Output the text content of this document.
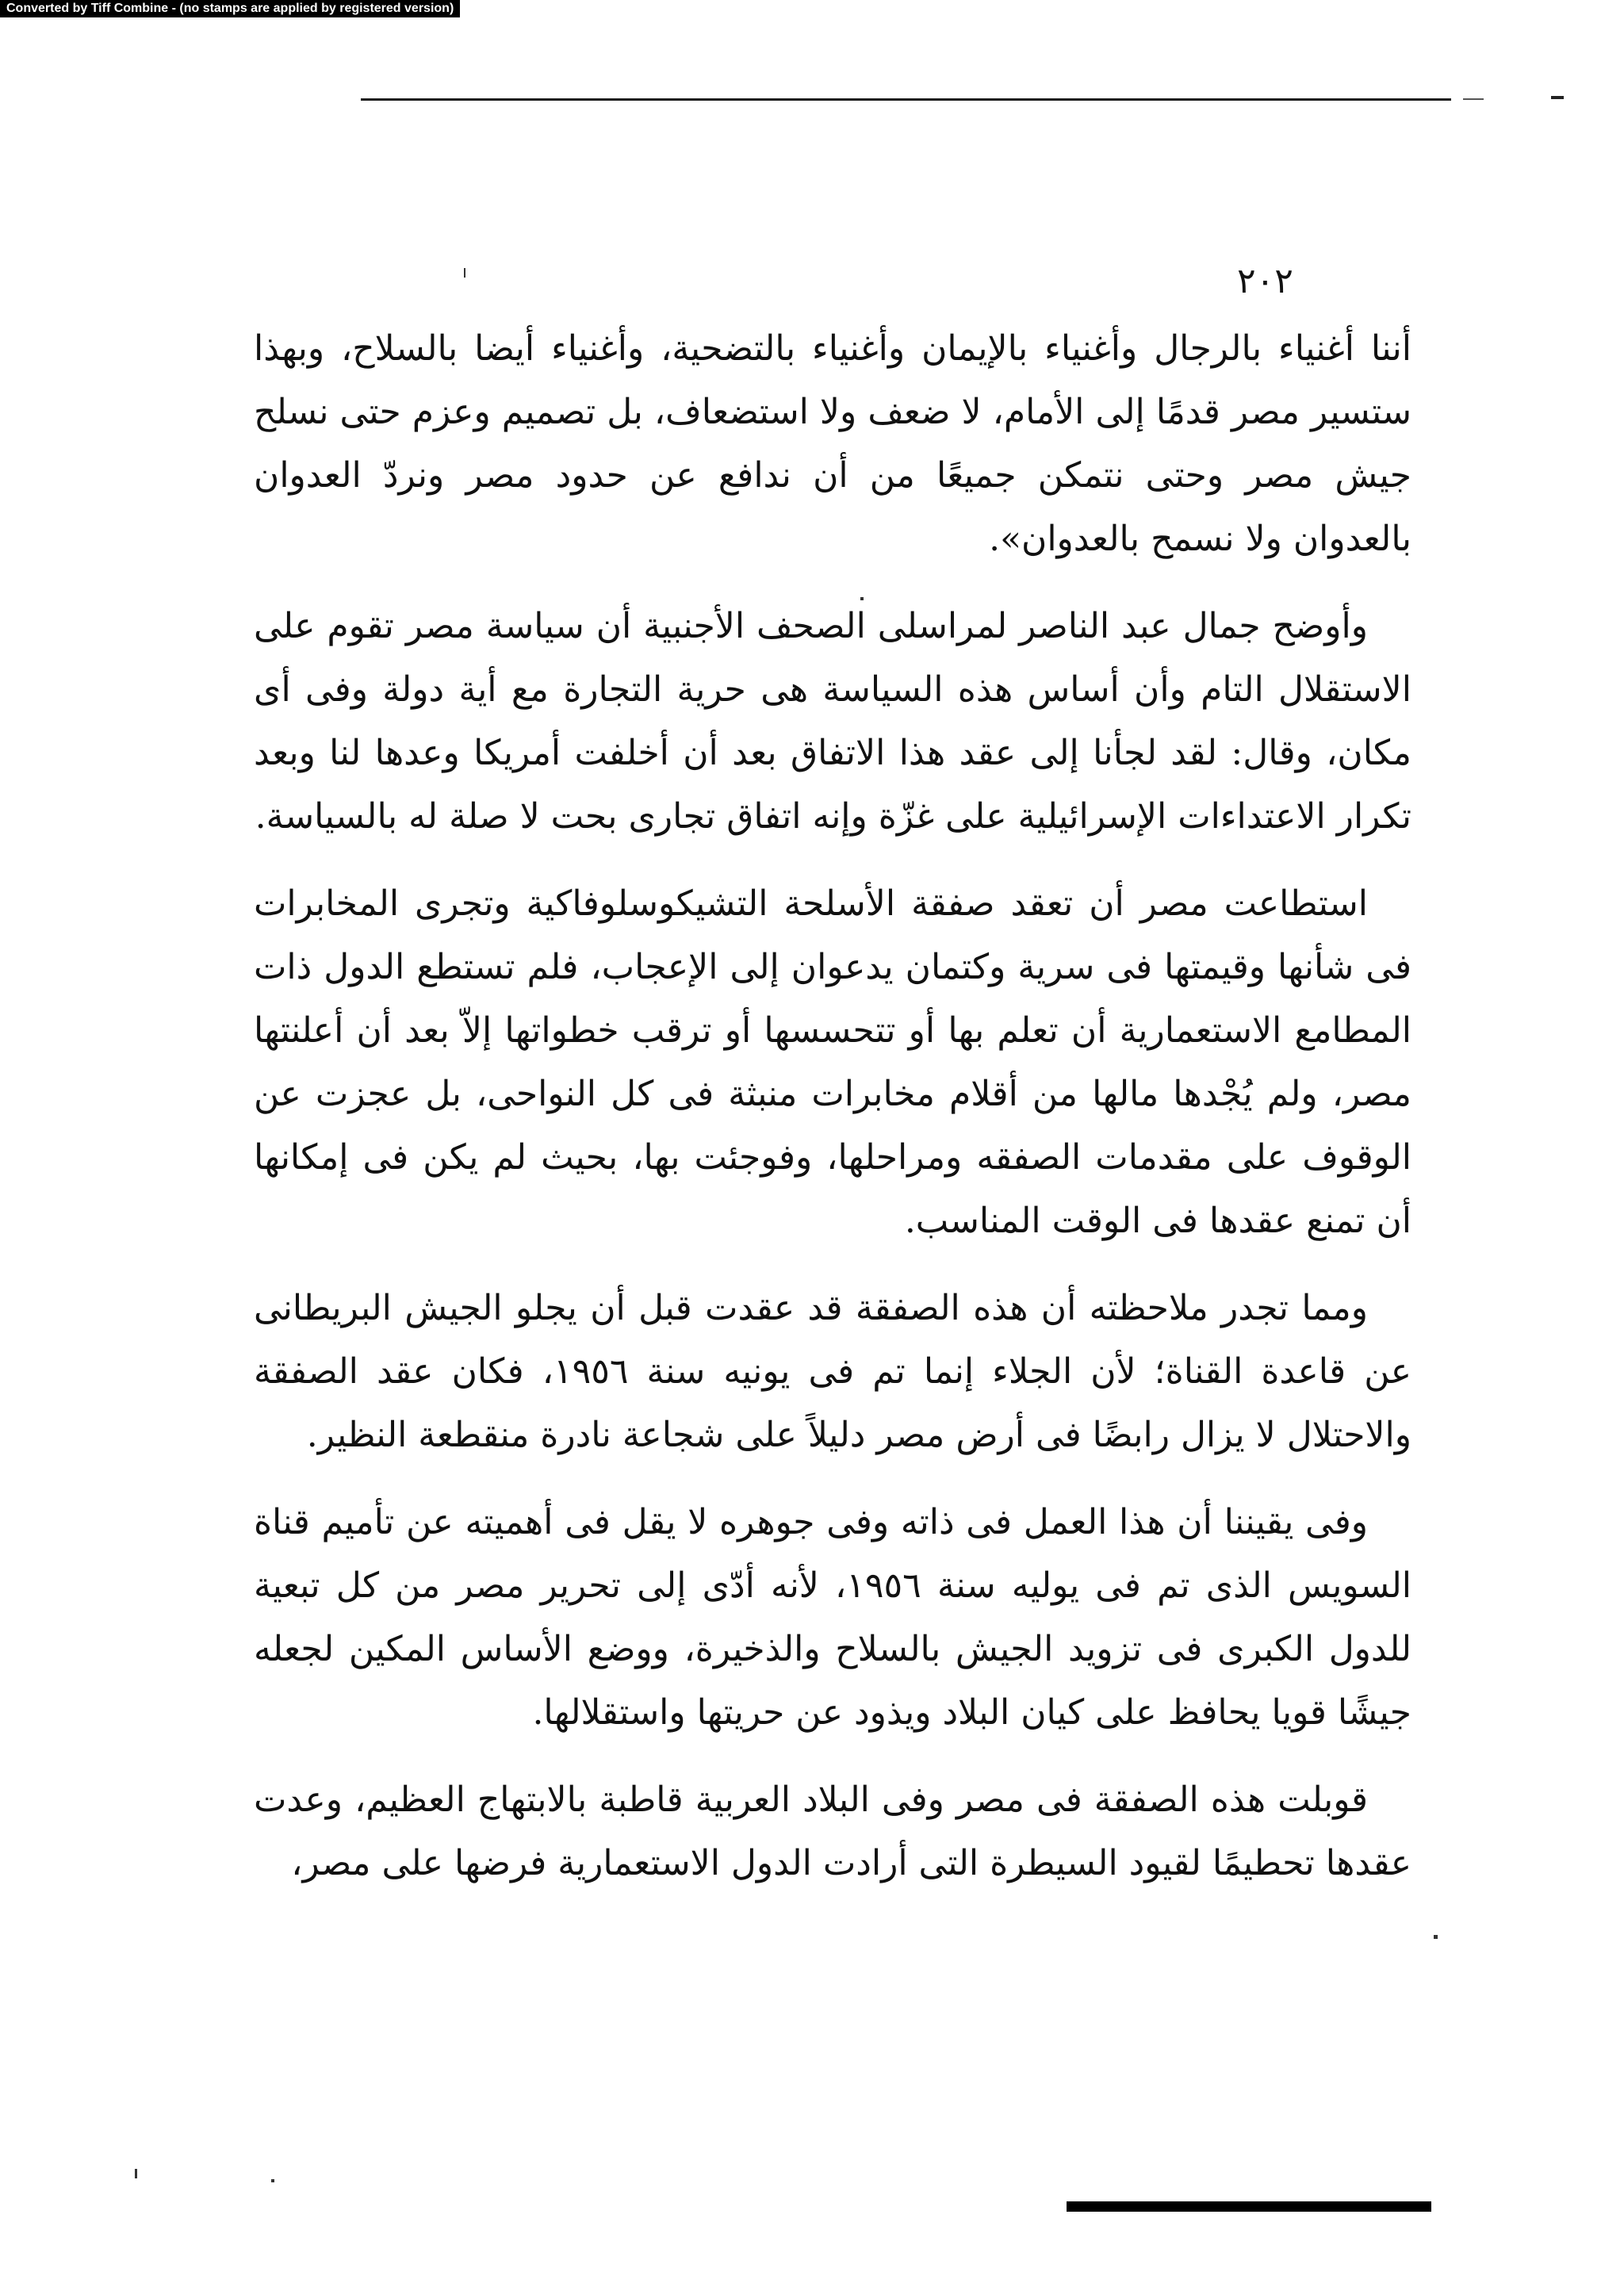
Converted by Tiff Combine - (no stamps are applied by registered version)
٢٠٢

أننا أغنياء بالرجال وأغنياء بالإيمان وأغنياء بالتضحية، وأغنياء أيضا بالسلاح، وبهذا ستسير مصر قدمًا إلى الأمام، لا ضعف ولا استضعاف، بل تصميم وعزم حتى نسلح جيش مصر وحتى نتمكن جميعًا من أن ندافع عن حدود مصر ونردّ العدوان بالعدوان ولا نسمح بالعدوان».

وأوضح جمال عبد الناصر لمراسلى الصحف الأجنبية أن سياسة مصر تقوم على الاستقلال التام وأن أساس هذه السياسة هى حرية التجارة مع أية دولة وفى أى مكان، وقال: لقد لجأنا إلى عقد هذا الاتفاق بعد أن أخلفت أمريكا وعدها لنا وبعد تكرار الاعتداءات الإسرائيلية على غزّة وإنه اتفاق تجارى بحت لا صلة له بالسياسة.

استطاعت مصر أن تعقد صفقة الأسلحة التشيكوسلوفاكية وتجرى المخابرات فى شأنها وقيمتها فى سرية وكتمان يدعوان إلى الإعجاب، فلم تستطع الدول ذات المطامع الاستعمارية أن تعلم بها أو تتحسسها أو ترقب خطواتها إلاّ بعد أن أعلنتها مصر، ولم يُجْدها مالها من أقلام مخابرات منبثة فى كل النواحى، بل عجزت عن الوقوف على مقدمات الصفقه ومراحلها، وفوجئت بها، بحيث لم يكن فى إمكانها أن تمنع عقدها فى الوقت المناسب.

ومما تجدر ملاحظته أن هذه الصفقة قد عقدت قبل أن يجلو الجيش البريطانى عن قاعدة القناة؛ لأن الجلاء إنما تم فى يونيه سنة ١٩٥٦، فكان عقد الصفقة والاحتلال لا يزال رابضًا فى أرض مصر دليلاً على شجاعة نادرة منقطعة النظير.

وفى يقيننا أن هذا العمل فى ذاته وفى جوهره لا يقل فى أهميته عن تأميم قناة السويس الذى تم فى يوليه سنة ١٩٥٦، لأنه أدّى إلى تحرير مصر من كل تبعية للدول الكبرى فى تزويد الجيش بالسلاح والذخيرة، ووضع الأساس المكين لجعله جيشًا قويا يحافظ على كيان البلاد ويذود عن حريتها واستقلالها.

قوبلت هذه الصفقة فى مصر وفى البلاد العربية قاطبة بالابتهاج العظيم، وعدت عقدها تحطيمًا لقيود السيطرة التى أرادت الدول الاستعمارية فرضها على مصر،
